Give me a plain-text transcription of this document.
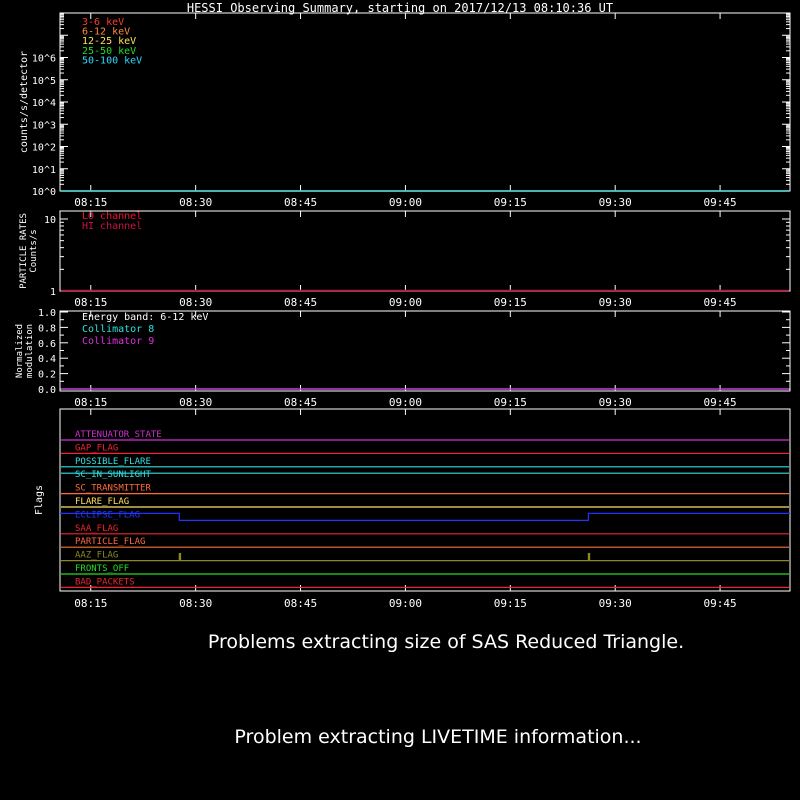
HESSI Observing Summary, starting on 2017/12/13 08:10:36 UT
08:15	08:30	08:45	09:00	09:15	09:30	09:45
08:15	08:30	08:45	09:00	09:15	09:30	09:45
08:15	08:30	08:45	09:00	09:15	09:30	09:45
08:15	08:30	08:45	09:00	09:15	09:30	09:45
10^0
10^1
10^2
10^3
10^4
10^5
10^6
counts/s/detector
3-6 keV
6-12 keV
12-25 keV
25-50 keV
50-100 keV
1
10
PARTICLE RATES Counts/s
LO channel
HI channel
0.0
0.2
0.4
0.6
0.8
1.0
Normalized modulation
Energy band: 6-12 keV
Collimator 8
Collimator 9
Flags
ATTENUATOR_STATE
GAP_FLAG
POSSIBLE_FLARE
SC_IN_SUNLIGHT
SC_TRANSMITTER
FLARE_FLAG
ECLIPSE_FLAG
SAA_FLAG
PARTICLE_FLAG
AAZ_FLAG
FRONTS_OFF
BAD_PACKETS
Problems extracting size of SAS Reduced Triangle.
Problem extracting LIVETIME information...
